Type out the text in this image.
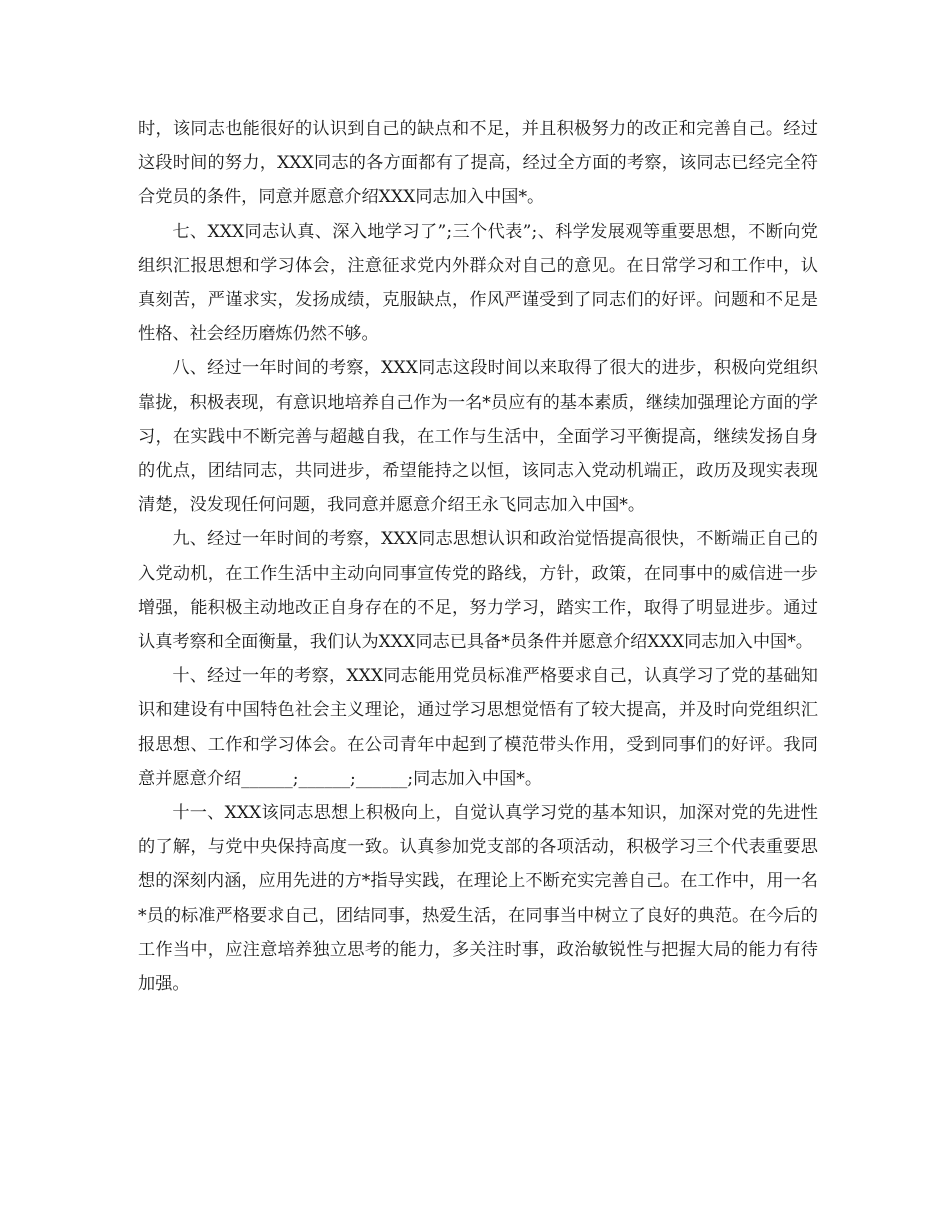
时，该同志也能很好的认识到自己的缺点和不足，并且积极努力的改正和完善自己。经过这段时间的努力，XXX同志的各方面都有了提高，经过全方面的考察，该同志已经完全符合党员的条件，同意并愿意介绍XXX同志加入中国*。

七、XXX同志认真、深入地学习了”;三个代表”;、科学发展观等重要思想，不断向党组织汇报思想和学习体会，注意征求党内外群众对自己的意见。在日常学习和工作中，认真刻苦，严谨求实，发扬成绩，克服缺点，作风严谨受到了同志们的好评。问题和不足是性格、社会经历磨炼仍然不够。

八、经过一年时间的考察，XXX同志这段时间以来取得了很大的进步，积极向党组织靠拢，积极表现，有意识地培养自己作为一名*员应有的基本素质，继续加强理论方面的学习，在实践中不断完善与超越自我，在工作与生活中，全面学习平衡提高，继续发扬自身的优点，团结同志，共同进步，希望能持之以恒，该同志入党动机端正，政历及现实表现清楚，没发现任何问题，我同意并愿意介绍王永飞同志加入中国*。

九、经过一年时间的考察，XXX同志思想认识和政治觉悟提高很快，不断端正自己的入党动机，在工作生活中主动向同事宣传党的路线，方针，政策，在同事中的威信进一步增强，能积极主动地改正自身存在的不足，努力学习，踏实工作，取得了明显进步。通过认真考察和全面衡量，我们认为XXX同志已具备*员条件并愿意介绍XXX同志加入中国*。

十、经过一年的考察，XXX同志能用党员标准严格要求自己，认真学习了党的基础知识和建设有中国特色社会主义理论，通过学习思想觉悟有了较大提高，并及时向党组织汇报思想、工作和学习体会。在公司青年中起到了模范带头作用，受到同事们的好评。我同意并愿意介绍______;______;______;同志加入中国*。

十一、XXX该同志思想上积极向上，自觉认真学习党的基本知识，加深对党的先进性的了解，与党中央保持高度一致。认真参加党支部的各项活动，积极学习三个代表重要思想的深刻内涵，应用先进的方*指导实践，在理论上不断充实完善自己。在工作中，用一名*员的标准严格要求自己，团结同事，热爱生活，在同事当中树立了良好的典范。在今后的工作当中，应注意培养独立思考的能力，多关注时事，政治敏锐性与把握大局的能力有待加强。
